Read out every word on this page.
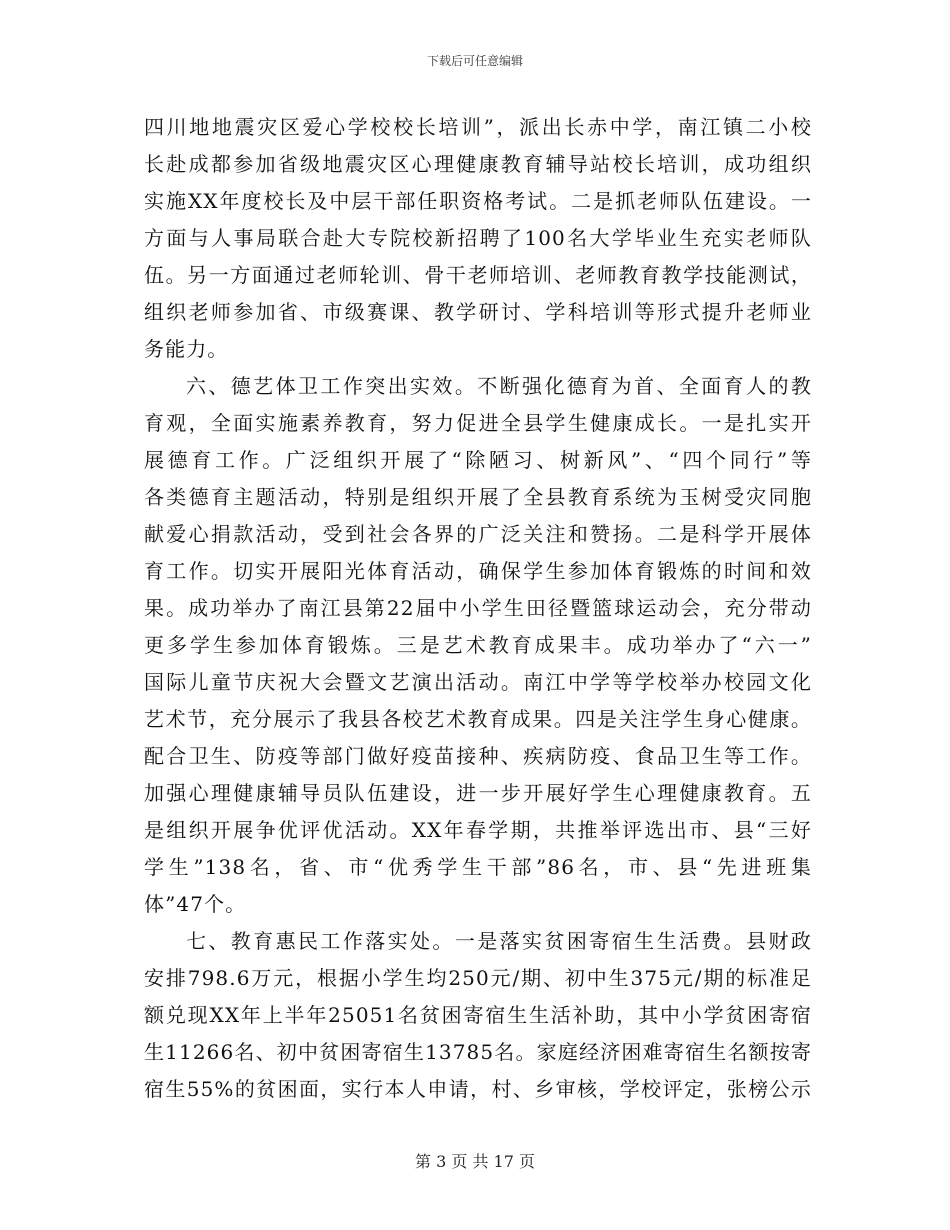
下载后可任意编辑
四川地地震灾区爱心学校校长培训”，派出长赤中学，南江镇二小校
长赴成都参加省级地震灾区心理健康教育辅导站校长培训，成功组织
实施XX年度校长及中层干部任职资格考试。二是抓老师队伍建设。一
方面与人事局联合赴大专院校新招聘了100名大学毕业生充实老师队
伍。另一方面通过老师轮训、骨干老师培训、老师教育教学技能测试，
组织老师参加省、市级赛课、教学研讨、学科培训等形式提升老师业
务能力。
六、德艺体卫工作突出实效。不断强化德育为首、全面育人的教
育观，全面实施素养教育，努力促进全县学生健康成长。一是扎实开
展德育工作。广泛组织开展了“除陋习、树新风”、“四个同行”等
各类德育主题活动，特别是组织开展了全县教育系统为玉树受灾同胞
献爱心捐款活动，受到社会各界的广泛关注和赞扬。二是科学开展体
育工作。切实开展阳光体育活动，确保学生参加体育锻炼的时间和效
果。成功举办了南江县第22届中小学生田径暨篮球运动会，充分带动
更多学生参加体育锻炼。三是艺术教育成果丰。成功举办了“六一”
国际儿童节庆祝大会暨文艺演出活动。南江中学等学校举办校园文化
艺术节，充分展示了我县各校艺术教育成果。四是关注学生身心健康。
配合卫生、防疫等部门做好疫苗接种、疾病防疫、食品卫生等工作。
加强心理健康辅导员队伍建设，进一步开展好学生心理健康教育。五
是组织开展争优评优活动。XX年春学期，共推举评选出市、县“三好
学生”138名，省、市“优秀学生干部”86名，市、县“先进班集
体”47个。
七、教育惠民工作落实处。一是落实贫困寄宿生生活费。县财政
安排798.6万元，根据小学生均250元/期、初中生375元/期的标准足
额兑现XX年上半年25051名贫困寄宿生生活补助，其中小学贫困寄宿
生11266名、初中贫困寄宿生13785名。家庭经济困难寄宿生名额按寄
宿生55%的贫困面，实行本人申请，村、乡审核，学校评定，张榜公示
第 3 页 共 17 页
